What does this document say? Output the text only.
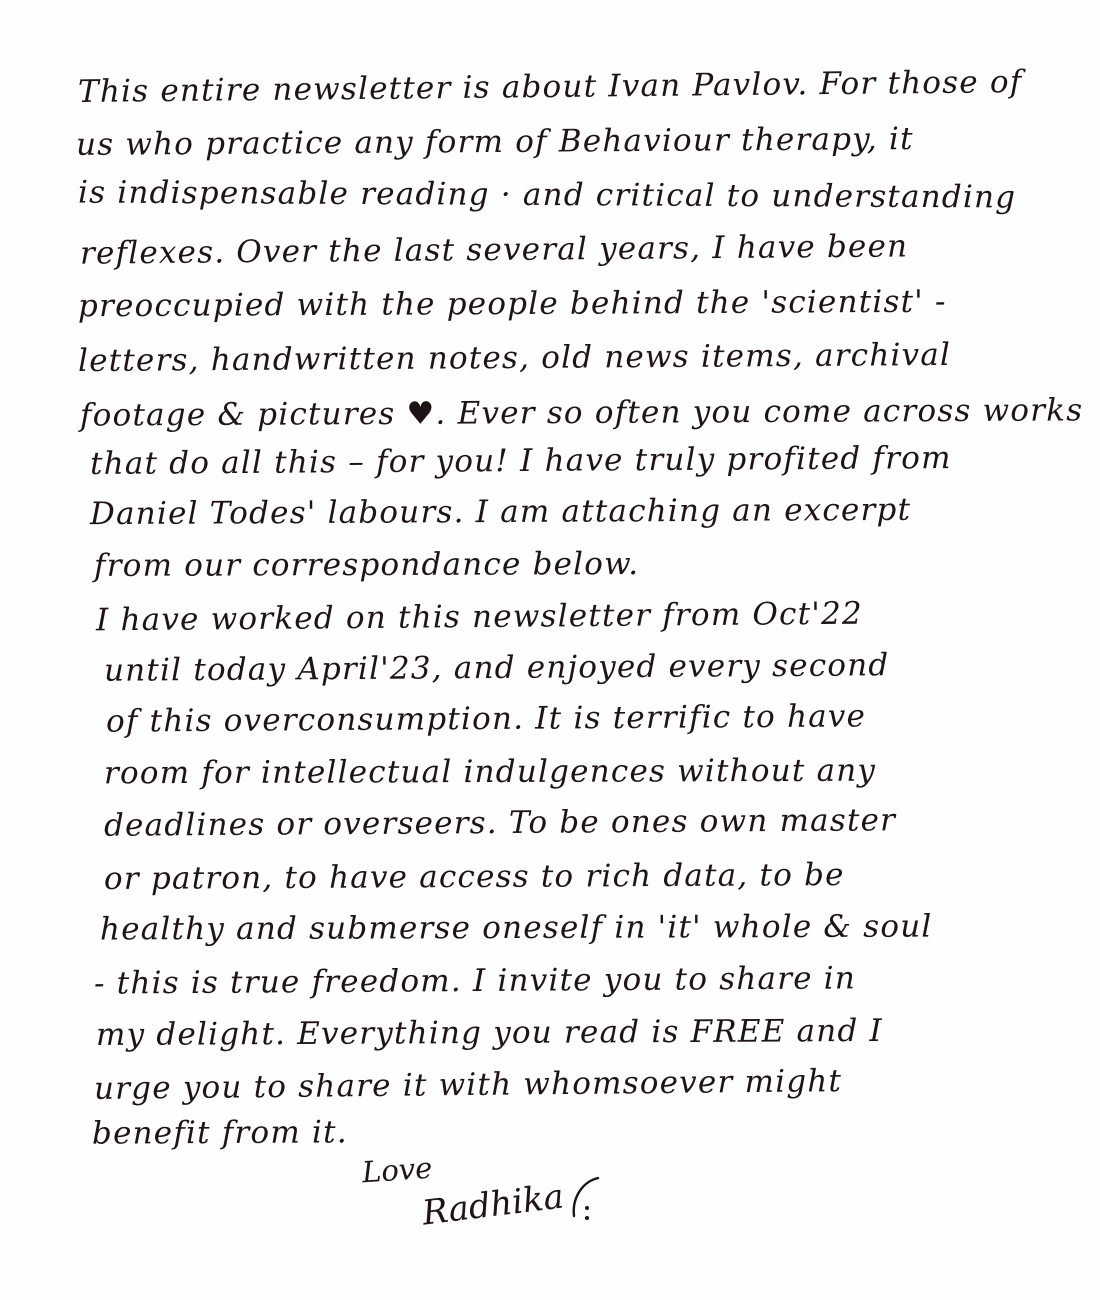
This entire newsletter is about Ivan Pavlov. For those of
us who practice any form of Behaviour therapy, it
is indispensable reading · and critical to understanding
reflexes. Over the last several years, I have been
preoccupied with the people behind the 'scientist' -
letters, handwritten notes, old news items, archival
footage & pictures ♥. Ever so often you come across works
that do all this – for you! I have truly profited from
Daniel Todes' labours. I am attaching an excerpt
from our correspondance below.
I have worked on this newsletter from Oct'22
until today April'23, and enjoyed every second
of this overconsumption. It is terrific to have
room for intellectual indulgences without any
deadlines or overseers. To be ones own master
or patron, to have access to rich data, to be
healthy and submerse oneself in 'it' whole & soul
- this is true freedom. I invite you to share in
my delight. Everything you read is FREE and I
urge you to share it with whomsoever might
benefit from it.
Love
Radhika
